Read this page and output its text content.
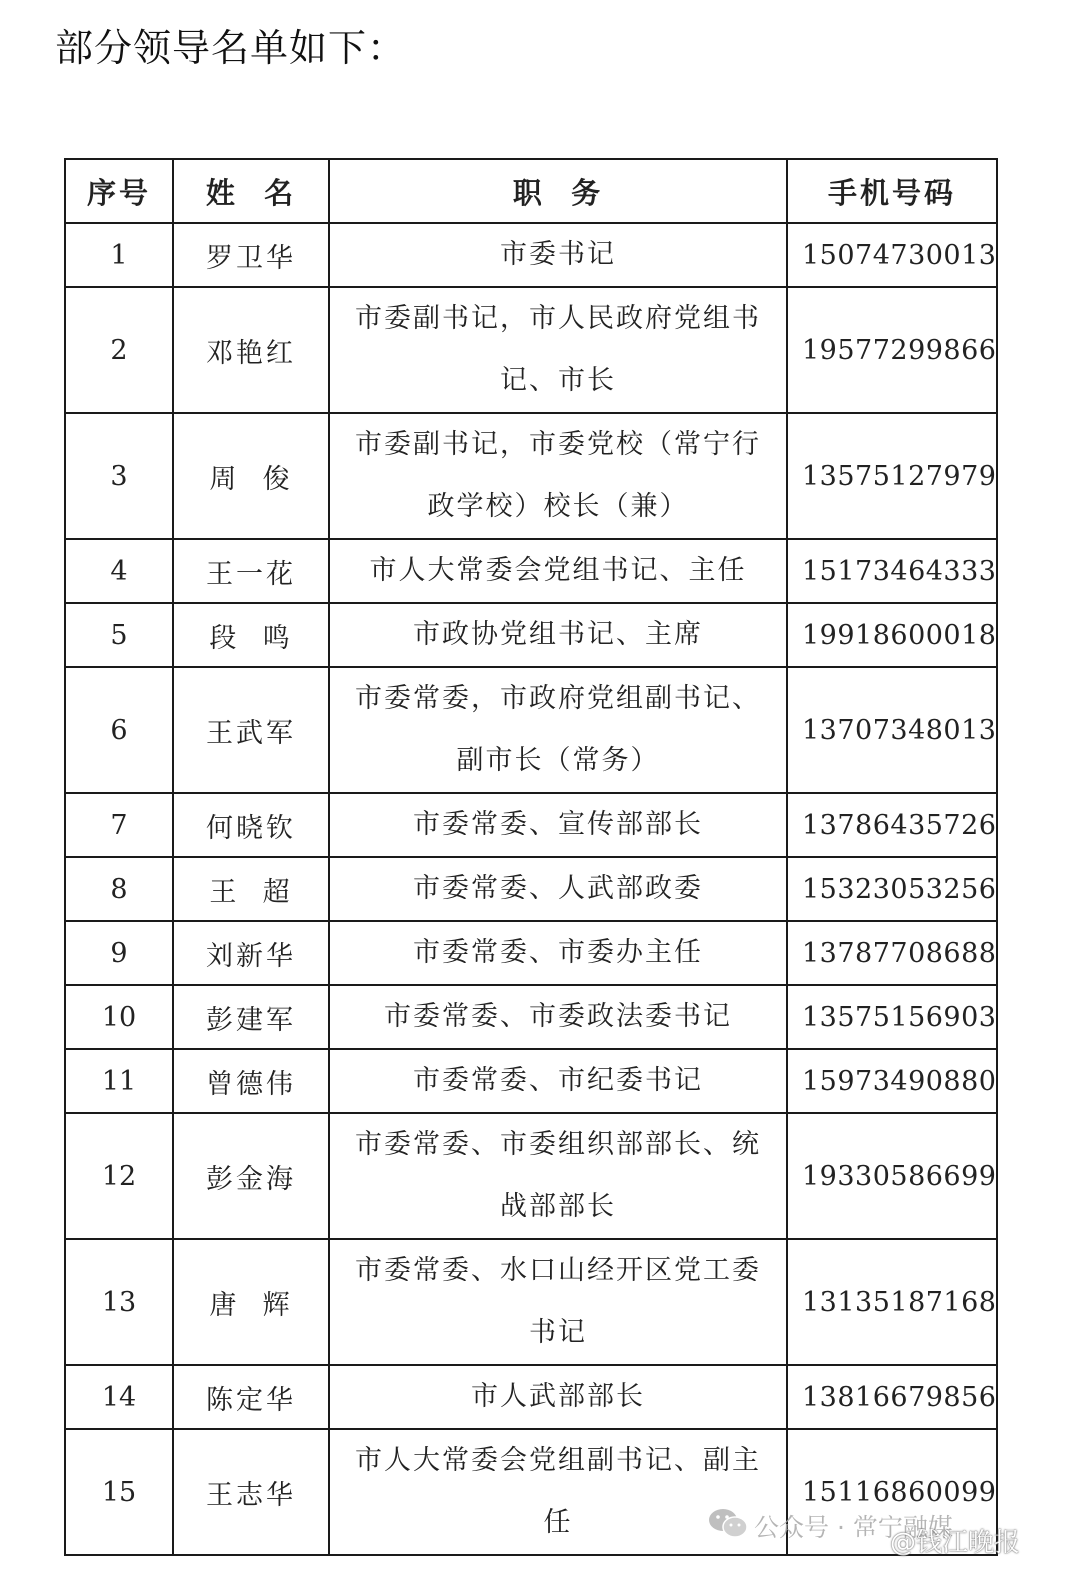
部分领导名单如下：
序号	姓  名	职  务	手机号码
1	罗卫华	市委书记	15074730013
2	邓艳红	市委副书记，市人民政府党组书记、市长	19577299866
3	周  俊	市委副书记，市委党校（常宁行政学校）校长（兼）	13575127979
4	王一花	市人大常委会党组书记、主任	15173464333
5	段  鸣	市政协党组书记、主席	19918600018
6	王武军	市委常委，市政府党组副书记、副市长（常务）	13707348013
7	何晓钦	市委常委、宣传部部长	13786435726
8	王  超	市委常委、人武部政委	15323053256
9	刘新华	市委常委、市委办主任	13787708688
10	彭建军	市委常委、市委政法委书记	13575156903
11	曾德伟	市委常委、市纪委书记	15973490880
12	彭金海	市委常委、市委组织部部长、统战部部长	19330586699
13	唐  辉	市委常委、水口山经开区党工委书记	13135187168
14	陈定华	市人武部部长	13816679856
15	王志华	市人大常委会党组副书记、副主任	15116860099
公众号 · 常宁融媒
@钱江晚报
